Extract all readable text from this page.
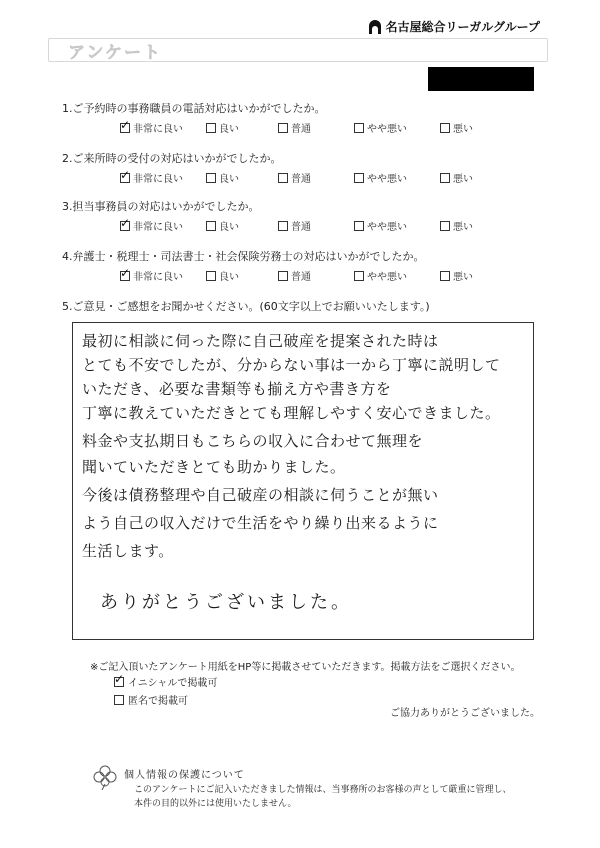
名古屋総合リーガルグループ
アンケート
1.ご予約時の事務職員の電話対応はいかがでしたか。
✓
非常に良い	良い	普通	やや悪い	悪い
2.ご来所時の受付の対応はいかがでしたか。
✓
非常に良い	良い	普通	やや悪い	悪い
3.担当事務員の対応はいかがでしたか。
✓
非常に良い	良い	普通	やや悪い	悪い
4.弁護士・税理士・司法書士・社会保険労務士の対応はいかがでしたか。
✓
非常に良い	良い	普通	やや悪い	悪い
5.ご意見・ご感想をお聞かせください。(60文字以上でお願いいたします。)
最初に相談に伺った際に自己破産を提案された時は
とても不安でしたが、分からない事は一から丁寧に説明して
いただき、必要な書類等も揃え方や書き方を
丁寧に教えていただきとても理解しやすく安心できました。
料金や支払期日もこちらの収入に合わせて無理を
聞いていただきとても助かりました。
今後は債務整理や自己破産の相談に伺うことが無い
よう自己の収入だけで生活をやり繰り出来るように
生活します。
ありがとうございました。
※ご記入頂いたアンケート用紙をHP等に掲載させていただきます。掲載方法をご選択ください。
✓
イニシャルで掲載可
匿名で掲載可
ご協力ありがとうございました。
個人情報の保護について
このアンケートにご記入いただきました情報は、当事務所のお客様の声として厳重に管理し、
本件の目的以外には使用いたしません。
